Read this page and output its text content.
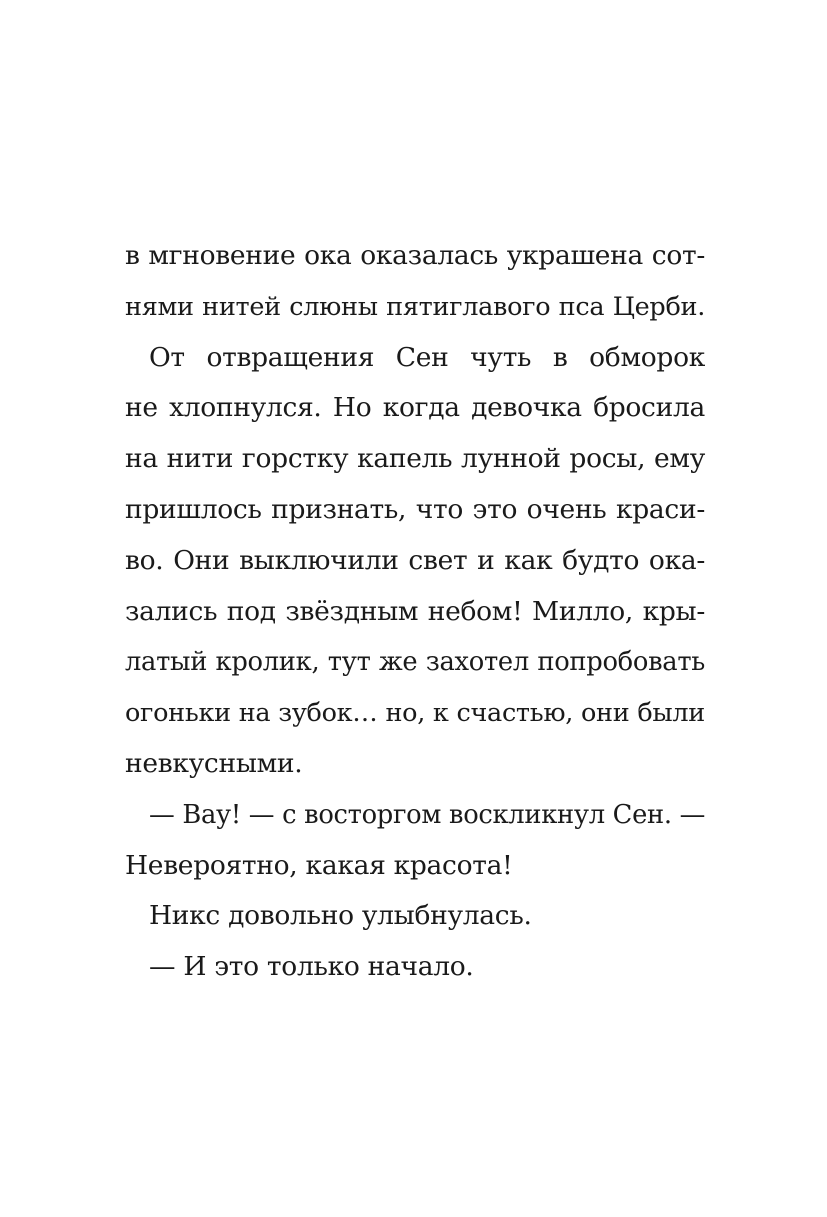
в мгновение ока оказалась украшена сот-
нями нитей слюны пятиглавого пса Церби.
От отвращения Сен чуть в обморок
не хлопнулся. Но когда девочка бросила
на нити горстку капель лунной росы, ему
пришлось признать, что это очень краси-
во. Они выключили свет и как будто ока-
зались под звёздным небом! Милло, кры-
латый кролик, тут же захотел попробовать
огоньки на зубок… но, к счастью, они были
невкусными.
— Вау! — с восторгом воскликнул Сен. —
Невероятно, какая красота!
Никс довольно улыбнулась.
— И это только начало.
